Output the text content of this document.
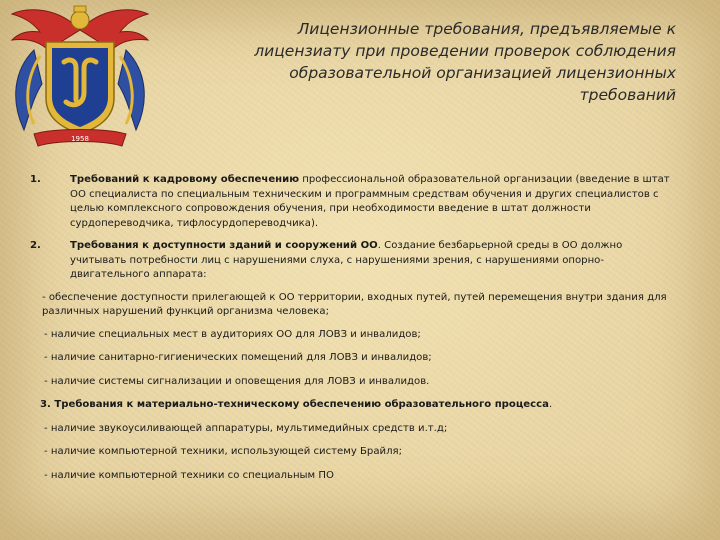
1958
Лицензионные требования, предъявляемые к лицензиату при проведении проверок соблюдения образовательной организацией лицензионных требований
1.	Требований к кадровому обеспечению профессиональной образовательной организации (введение в штат ОО специалиста по специальным техническим и программным средствам обучения и других специалистов с целью комплексного сопровождения обучения, при необходимости введение в штат должности сурдопереводчика, тифлосурдопереводчика).
2.	Требования к доступности зданий и сооружений ОО. Создание безбарьерной среды в ОО должно учитывать потребности лиц с нарушениями слуха, с нарушениями зрения, с нарушениями опорно-двигательного аппарата:

- обеспечение доступности прилегающей к ОО территории, входных путей, путей перемещения внутри здания для различных нарушений функций организма человека;

- наличие специальных мест в аудиториях ОО для ЛОВЗ и инвалидов;
- наличие санитарно-гигиенических помещений для ЛОВЗ и инвалидов;
- наличие системы сигнализации и оповещения для ЛОВЗ и инвалидов.
3. Требования к материально-техническому обеспечению образовательного процесса.
- наличие звукоусиливающей аппаратуры, мультимедийных средств и.т.д;
- наличие компьютерной техники, использующей систему Брайля;
- наличие компьютерной техники со специальным ПО
